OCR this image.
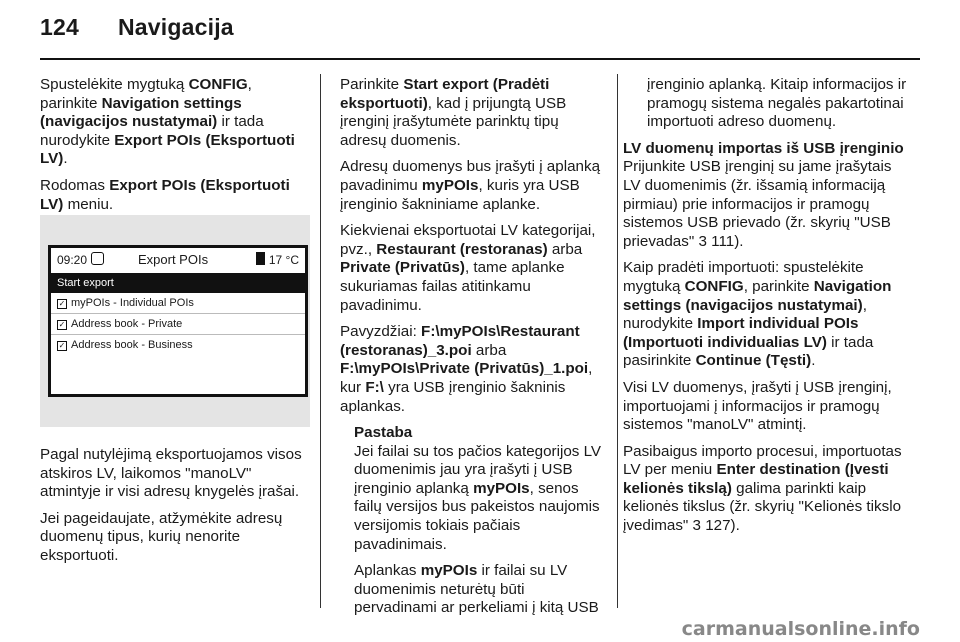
124 Navigacija

Spustelėkite mygtuką CONFIG, parinkite Navigation settings (navigacijos nustatymai) ir tada nurodykite Export POIs (Eksportuoti LV).

Rodomas Export POIs (Eksportuoti LV) meniu.

09:20	Export POIs	17 °C
Start export
✓ myPOIs - Individual POIs
✓ Address book - Private
✓ Address book - Business

Pagal nutylėjimą eksportuojamos visos atskiros LV, laikomos "manoLV" atmintyje ir visi adresų knygelės įrašai.

Jei pageidaujate, atžymėkite adresų duomenų tipus, kurių nenorite eksportuoti.

Parinkite Start export (Pradėti eksportuoti), kad į prijungtą USB įrenginį įrašytumėte parinktų tipų adresų duomenis.

Adresų duomenys bus įrašyti į aplanką pavadinimu myPOIs, kuris yra USB įrenginio šakniniame aplanke.

Kiekvienai eksportuotai LV kategorijai, pvz., Restaurant (restoranas) arba Private (Privatūs), tame aplanke sukuriamas failas atitinkamu pavadinimu.

Pavyzdžiai: F:\myPOIs\Restaurant (restoranas)_3.poi arba F:\myPOIs\Private (Privatūs)_1.poi, kur F:\ yra USB įrenginio šakninis aplankas.

Pastaba

Jei failai su tos pačios kategorijos LV duomenimis jau yra įrašyti į USB įrenginio aplanką myPOIs, senos failų versijos bus pakeistos naujomis versijomis tokiais pačiais pavadinimais.

Aplankas myPOIs ir failai su LV duomenimis neturėtų būti pervadinami ar perkeliami į kitą USB

įrenginio aplanką. Kitaip informacijos ir pramogų sistema negalės pakartotinai importuoti adreso duomenų.

LV duomenų importas iš USB įrenginio
Prijunkite USB įrenginį su jame įrašytais LV duomenimis (žr. išsamią informaciją pirmiau) prie informacijos ir pramogų sistemos USB prievado (žr. skyrių "USB prievadas" 3 111).

Kaip pradėti importuoti: spustelėkite mygtuką CONFIG, parinkite Navigation settings (navigacijos nustatymai), nurodykite Import individual POIs (Importuoti individualias LV) ir tada pasirinkite Continue (Tęsti).

Visi LV duomenys, įrašyti į USB įrenginį, importuojami į informacijos ir pramogų sistemos "manoLV" atmintį.

Pasibaigus importo procesui, importuotas LV per meniu Enter destination (Įvesti kelionės tikslą) galima parinkti kaip kelionės tikslus (žr. skyrių "Kelionės tikslo įvedimas" 3 127).

carmanualsonline.info
